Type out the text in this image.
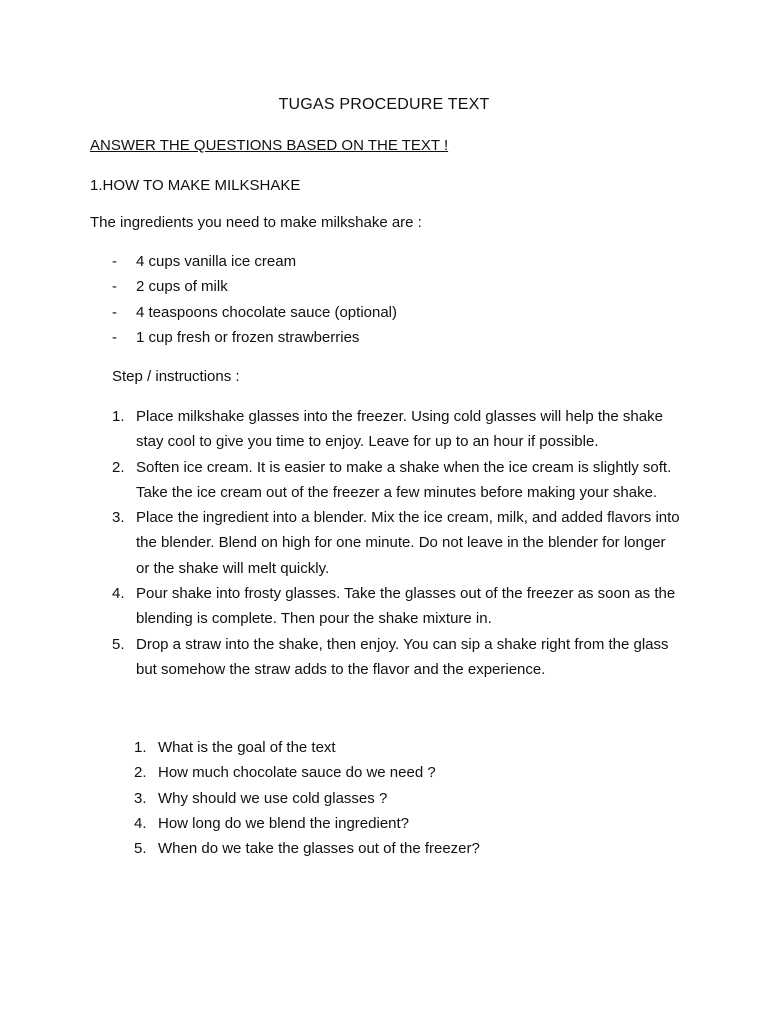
TUGAS PROCEDURE TEXT
ANSWER THE QUESTIONS BASED ON THE TEXT !
1.HOW TO MAKE MILKSHAKE
The ingredients you need to make milkshake are :
- 4 cups vanilla ice cream
- 2 cups of milk
- 4 teaspoons chocolate sauce (optional)
- 1 cup fresh or frozen strawberries
Step / instructions :
1. Place milkshake glasses into the freezer. Using cold glasses will help the shake stay cool to give you time to enjoy. Leave for up to an hour if possible.
2. Soften ice cream. It is easier to make a shake when the ice cream is slightly soft. Take the ice cream out of the freezer a few minutes before making your shake.
3. Place the ingredient into a blender. Mix the ice cream, milk, and added flavors into the blender. Blend on high for one minute. Do not leave in the blender for longer or the shake will melt quickly.
4. Pour shake into frosty glasses. Take the glasses out of the freezer as soon as the blending is complete. Then pour the shake mixture in.
5. Drop a straw into the shake, then enjoy. You can sip a shake right from the glass but somehow the straw adds to the flavor and the experience.
1. What is the goal of the text
2. How much chocolate sauce do we need ?
3. Why should we use cold glasses ?
4. How long do we blend the ingredient?
5. When do we take the glasses out of the freezer?
